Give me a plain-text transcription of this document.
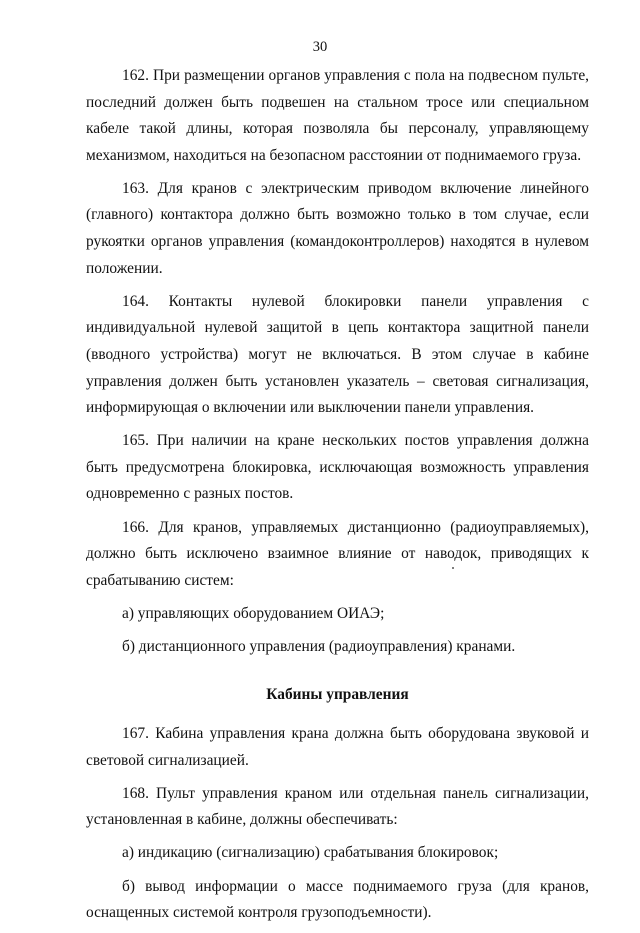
30

162. При размещении органов управления с пола на подвесном пульте, последний должен быть подвешен на стальном тросе или специальном кабеле такой длины, которая позволяла бы персоналу, управляющему механизмом, находиться на безопасном расстоянии от поднимаемого груза.

163. Для кранов с электрическим приводом включение линейного (главного) контактора должно быть возможно только в том случае, если рукоятки органов управления (командоконтроллеров) находятся в нулевом положении.

164. Контакты нулевой блокировки панели управления с индивидуальной нулевой защитой в цепь контактора защитной панели (вводного устройства) могут не включаться. В этом случае в кабине управления должен быть установлен указатель – световая сигнализация, информирующая о включении или выключении панели управления.

165. При наличии на кране нескольких постов управления должна быть предусмотрена блокировка, исключающая возможность управления одновременно с разных постов.

166. Для кранов, управляемых дистанционно (радиоуправляемых), должно быть исключено взаимное влияние от наводок, приводящих к срабатыванию систем:

а) управляющих оборудованием ОИАЭ;

б) дистанционного управления (радиоуправления) кранами.

Кабины управления

167. Кабина управления крана должна быть оборудована звуковой и световой сигнализацией.

168. Пульт управления краном или отдельная панель сигнализации, установленная в кабине, должны обеспечивать:

а) индикацию (сигнализацию) срабатывания блокировок;

б) вывод информации о массе поднимаемого груза (для кранов, оснащенных системой контроля грузоподъемности).
